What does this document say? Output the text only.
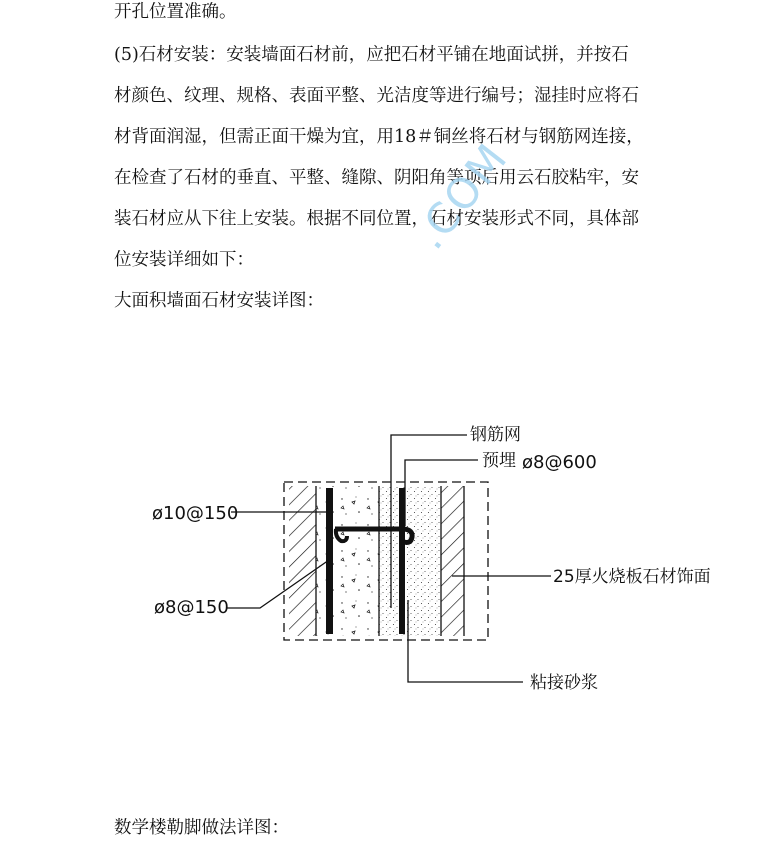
开孔位置准确。

(5)石材安装：安装墙面石材前，应把石材平铺在地面试拼，并按石
材颜色、纹理、规格、表面平整、光洁度等进行编号；湿挂时应将石
材背面润湿，但需正面干燥为宜，用18＃铜丝将石材与钢筋网连接，
在检查了石材的垂直、平整、缝隙、阴阳角等项后用云石胶粘牢，安
装石材应从下往上安装。根据不同位置，石材安装形式不同，具体部
位安装详细如下：

大面积墙面石材安装详图：

.COM
钢筋网
预埋 ø8@600
ø10@150
ø8@150
25厚火烧板石材饰面
粘接砂浆

数学楼勒脚做法详图：
